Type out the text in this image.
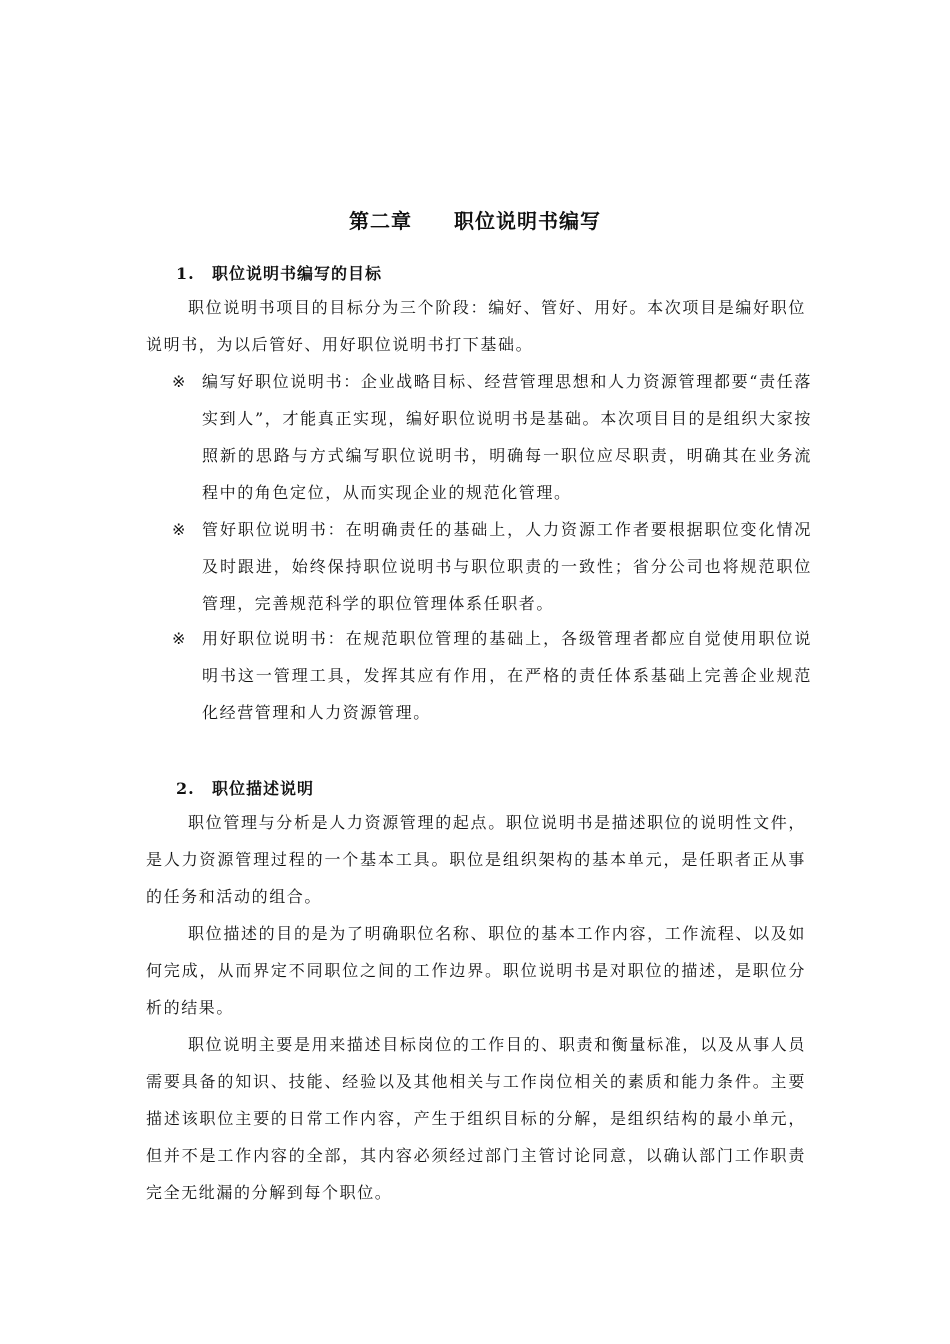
第二章　　职位说明书编写
1. 职位说明书编写的目标
职位说明书项目的目标分为三个阶段：编好、管好、用好。本次项目是编好职位说明书，为以后管好、用好职位说明书打下基础。
※ 编写好职位说明书：企业战略目标、经营管理思想和人力资源管理都要“责任落实到人”，才能真正实现，编好职位说明书是基础。本次项目目的是组织大家按照新的思路与方式编写职位说明书，明确每一职位应尽职责，明确其在业务流程中的角色定位，从而实现企业的规范化管理。
※ 管好职位说明书：在明确责任的基础上，人力资源工作者要根据职位变化情况及时跟进，始终保持职位说明书与职位职责的一致性；省分公司也将规范职位管理，完善规范科学的职位管理体系任职者。
※ 用好职位说明书：在规范职位管理的基础上，各级管理者都应自觉使用职位说明书这一管理工具，发挥其应有作用，在严格的责任体系基础上完善企业规范化经营管理和人力资源管理。
2. 职位描述说明
职位管理与分析是人力资源管理的起点。职位说明书是描述职位的说明性文件，是人力资源管理过程的一个基本工具。职位是组织架构的基本单元，是任职者正从事的任务和活动的组合。
职位描述的目的是为了明确职位名称、职位的基本工作内容，工作流程、以及如何完成，从而界定不同职位之间的工作边界。职位说明书是对职位的描述，是职位分析的结果。
职位说明主要是用来描述目标岗位的工作目的、职责和衡量标准，以及从事人员需要具备的知识、技能、经验以及其他相关与工作岗位相关的素质和能力条件。主要描述该职位主要的日常工作内容，产生于组织目标的分解，是组织结构的最小单元，但并不是工作内容的全部，其内容必须经过部门主管讨论同意，以确认部门工作职责完全无纰漏的分解到每个职位。
